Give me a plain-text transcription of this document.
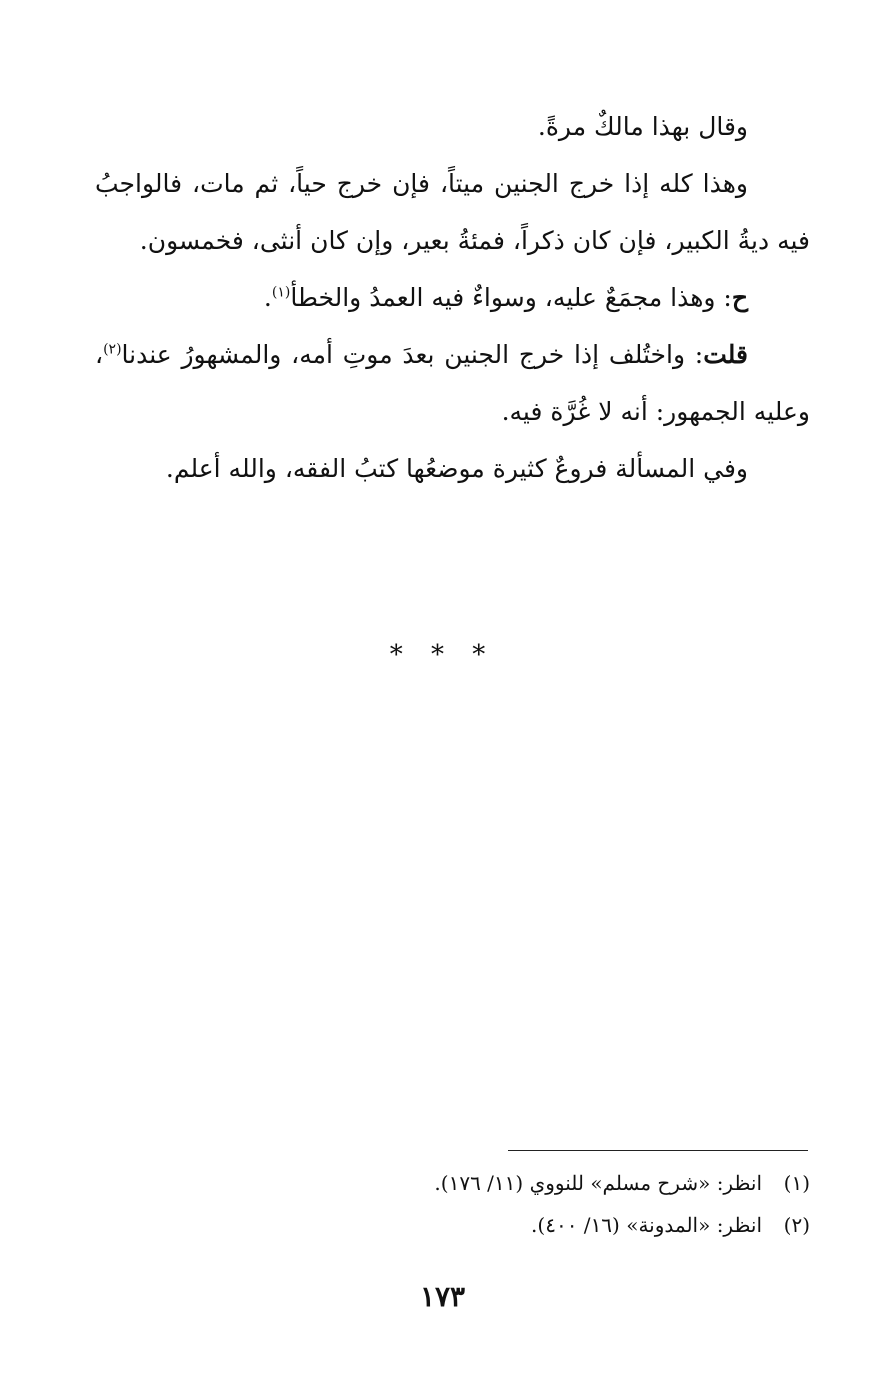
وقال بهذا مالكٌ مرةً.

وهذا كله إذا خرج الجنين ميتاً، فإن خرج حياً، ثم مات، فالواجبُ فيه ديةُ الكبير، فإن كان ذكراً، فمئةُ بعير، وإن كان أنثى، فخمسون.

ح: وهذا مجمَعٌ عليه، وسواءٌ فيه العمدُ والخطأ$^{(١)}$.

قلت: واختُلف إذا خرج الجنين بعدَ موتِ أمه، والمشهورُ عندنا$^{(٢)}$، وعليه الجمهور: أنه لا غُرَّة فيه.

وفي المسألة فروعٌ كثيرة موضعُها كتبُ الفقه، والله أعلم.

* * *

(١)انظر: «شرح مسلم» للنووي (١١/ ١٧٦).

(٢)انظر: «المدونة» (١٦/ ٤٠٠).

١٧٣
